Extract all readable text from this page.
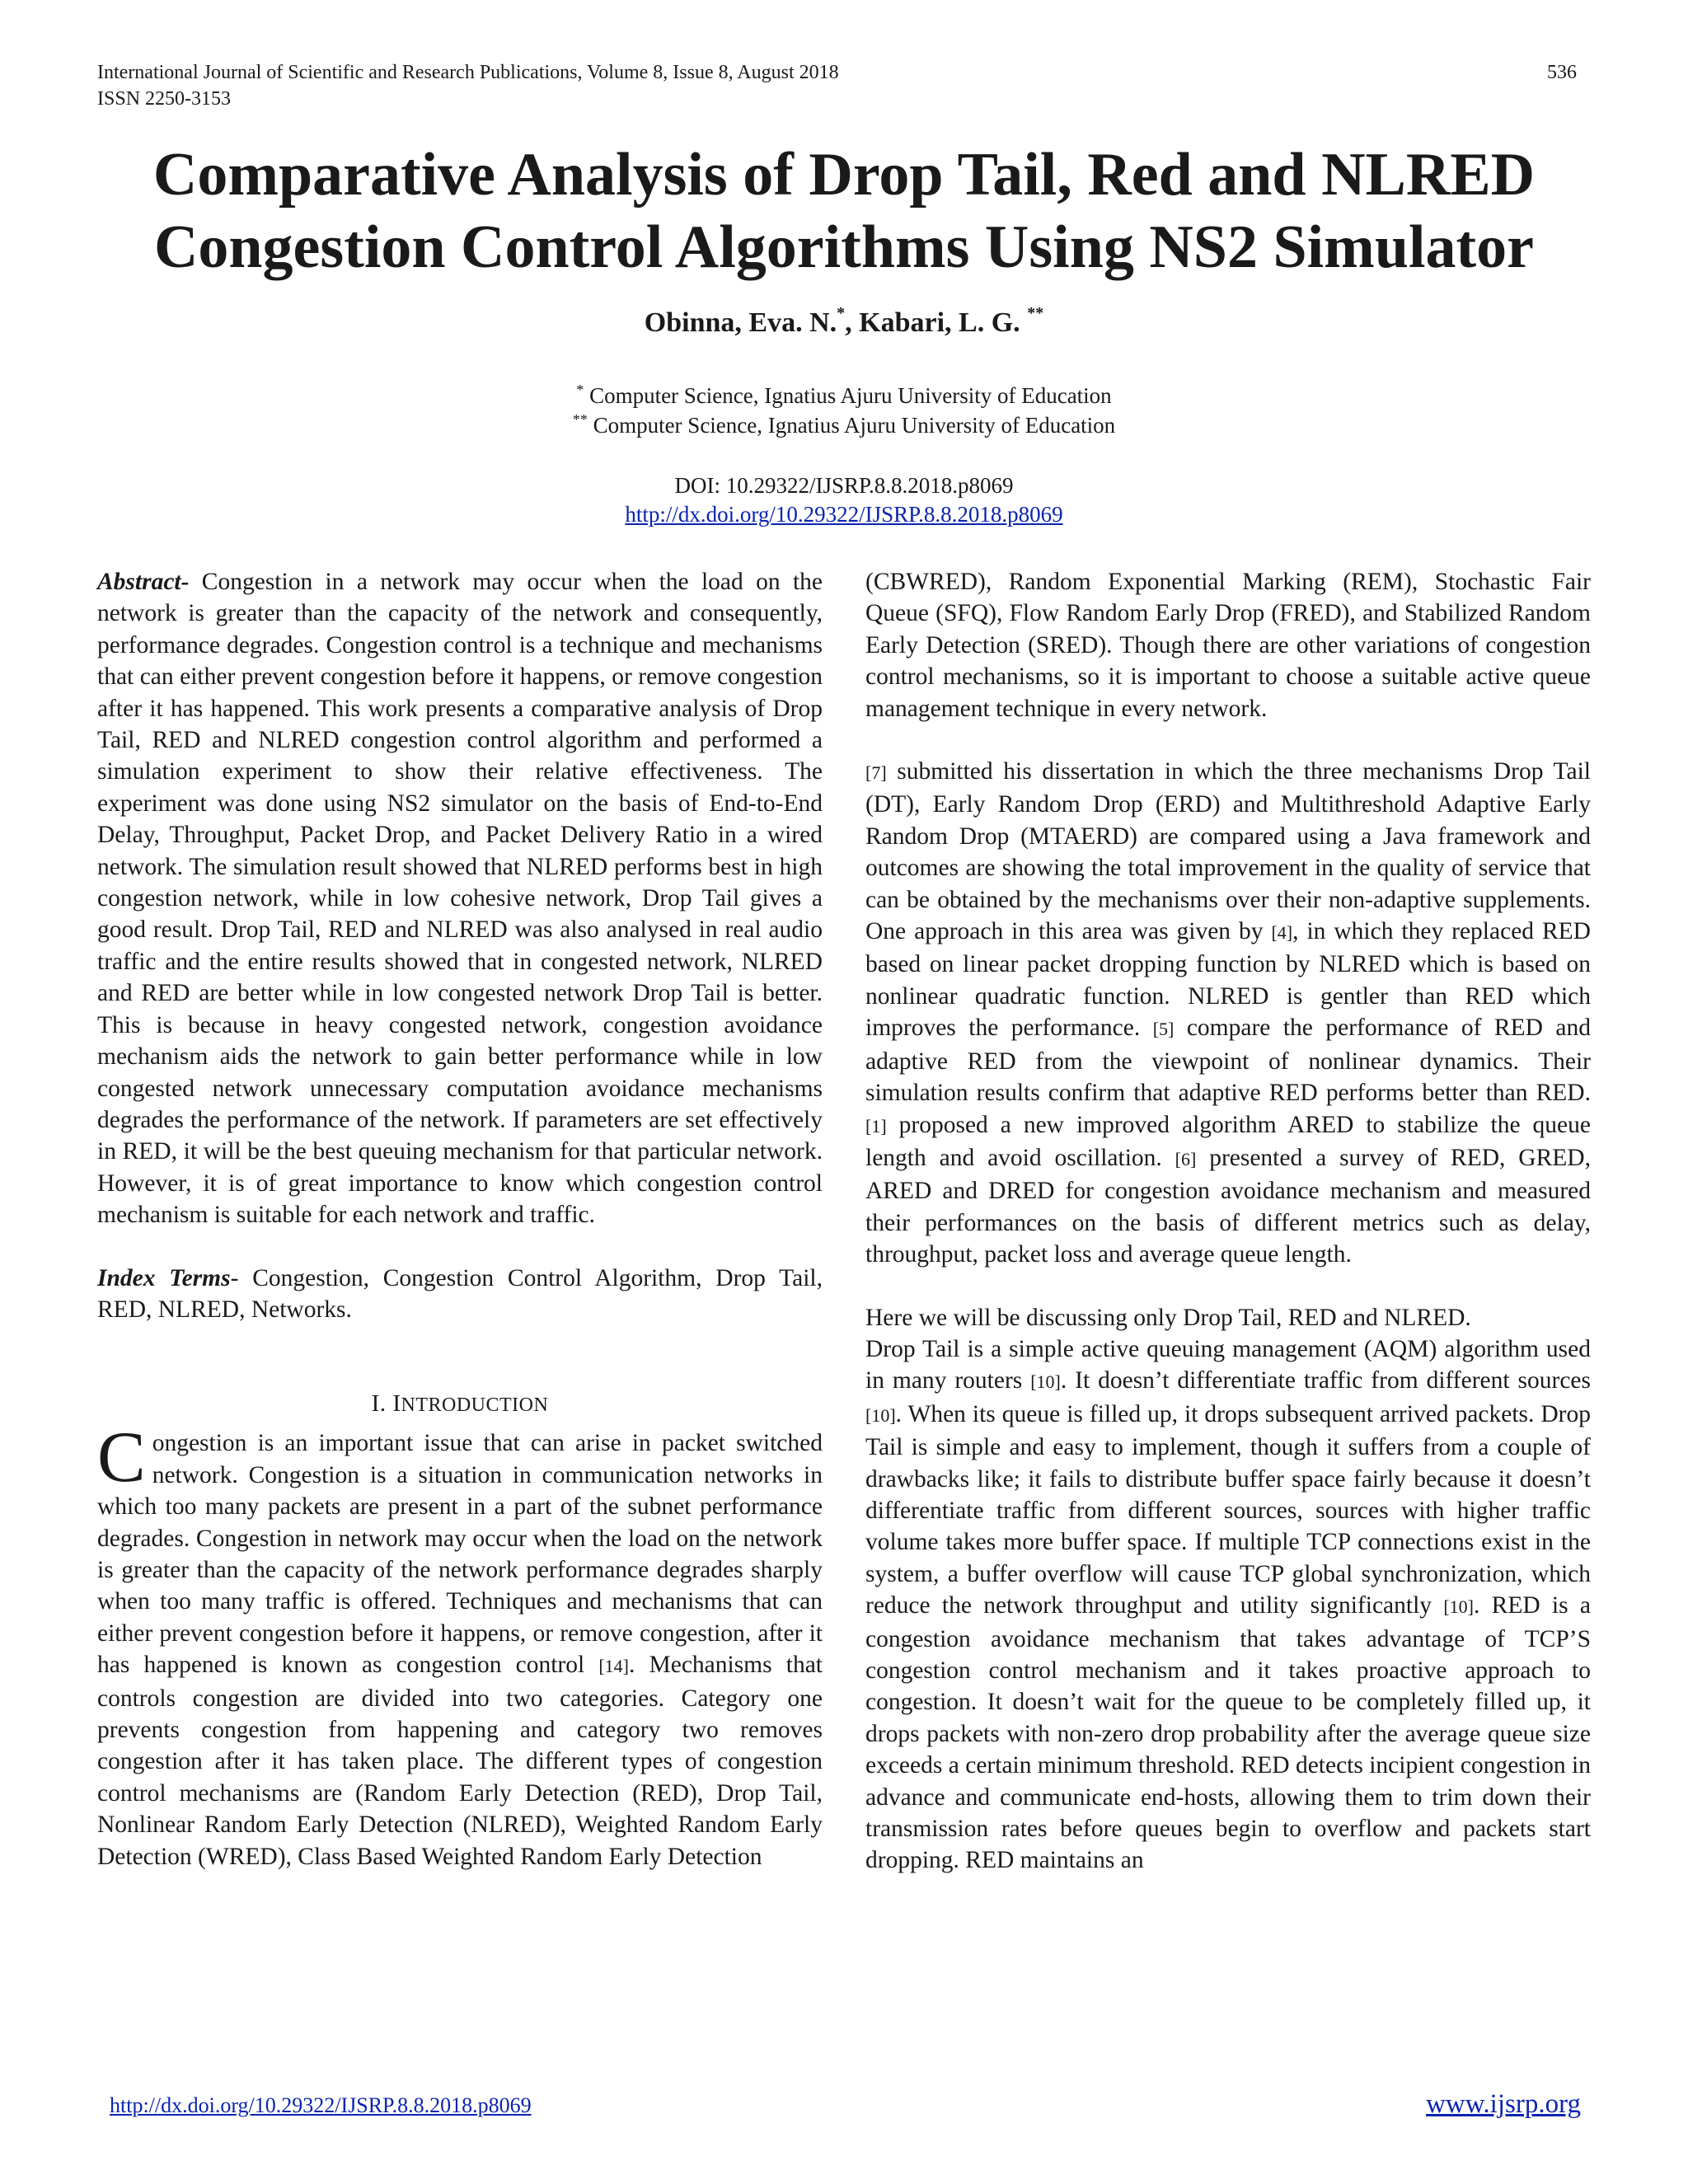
International Journal of Scientific and Research Publications, Volume 8, Issue 8, August 2018
ISSN 2250-3153
536
Comparative Analysis of Drop Tail, Red and NLRED
Congestion Control Algorithms Using NS2 Simulator
Obinna, Eva. N.*, Kabari, L. G. **
* Computer Science, Ignatius Ajuru University of Education
** Computer Science, Ignatius Ajuru University of Education
DOI: 10.29322/IJSRP.8.8.2018.p8069
http://dx.doi.org/10.29322/IJSRP.8.8.2018.p8069

Abstract- Congestion in a network may occur when the load on the network is greater than the capacity of the network and consequently, performance degrades. Congestion control is a technique and mechanisms that can either prevent congestion before it happens, or remove congestion after it has happened. This work presents a comparative analysis of Drop Tail, RED and NLRED congestion control algorithm and performed a simulation experiment to show their relative effectiveness. The experiment was done using NS2 simulator on the basis of End-to-End Delay, Throughput, Packet Drop, and Packet Delivery Ratio in a wired network. The simulation result showed that NLRED performs best in high congestion network, while in low cohesive network, Drop Tail gives a good result. Drop Tail, RED and NLRED was also analysed in real audio traffic and the entire results showed that in congested network, NLRED and RED are better while in low congested network Drop Tail is better. This is because in heavy congested network, congestion avoidance mechanism aids the network to gain better performance while in low congested network unnecessary computation avoidance mechanisms degrades the performance of the network. If parameters are set effectively in RED, it will be the best queuing mechanism for that particular network. However, it is of great importance to know which congestion control mechanism is suitable for each network and traffic.

Index Terms- Congestion, Congestion Control Algorithm, Drop Tail, RED, NLRED, Networks.

I. INTRODUCTION

Congestion is an important issue that can arise in packet switched network. Congestion is a situation in communication networks in which too many packets are present in a part of the subnet performance degrades. Congestion in network may occur when the load on the network is greater than the capacity of the network performance degrades sharply when too many traffic is offered. Techniques and mechanisms that can either prevent congestion before it happens, or remove congestion, after it has happened is known as congestion control [14]. Mechanisms that controls congestion are divided into two categories. Category one prevents congestion from happening and category two removes congestion after it has taken place. The different types of congestion control mechanisms are (Random Early Detection (RED), Drop Tail, Nonlinear Random Early Detection (NLRED), Weighted Random Early Detection (WRED), Class Based Weighted Random Early Detection

(CBWRED), Random Exponential Marking (REM), Stochastic Fair Queue (SFQ), Flow Random Early Drop (FRED), and Stabilized Random Early Detection (SRED). Though there are other variations of congestion control mechanisms, so it is important to choose a suitable active queue management technique in every network.

[7] submitted his dissertation in which the three mechanisms Drop Tail (DT), Early Random Drop (ERD) and Multithreshold Adaptive Early Random Drop (MTAERD) are compared using a Java framework and outcomes are showing the total improvement in the quality of service that can be obtained by the mechanisms over their non-adaptive supplements. One approach in this area was given by [4], in which they replaced RED based on linear packet dropping function by NLRED which is based on nonlinear quadratic function. NLRED is gentler than RED which improves the performance. [5] compare the performance of RED and adaptive RED from the viewpoint of nonlinear dynamics. Their simulation results confirm that adaptive RED performs better than RED. [1] proposed a new improved algorithm ARED to stabilize the queue length and avoid oscillation. [6] presented a survey of RED, GRED, ARED and DRED for congestion avoidance mechanism and measured their performances on the basis of different metrics such as delay, throughput, packet loss and average queue length.

Here we will be discussing only Drop Tail, RED and NLRED.

Drop Tail is a simple active queuing management (AQM) algorithm used in many routers [10]. It doesn’t differentiate traffic from different sources [10]. When its queue is filled up, it drops subsequent arrived packets. Drop Tail is simple and easy to implement, though it suffers from a couple of drawbacks like; it fails to distribute buffer space fairly because it doesn’t differentiate traffic from different sources, sources with higher traffic volume takes more buffer space. If multiple TCP connections exist in the system, a buffer overflow will cause TCP global synchronization, which reduce the network throughput and utility significantly [10]. RED is a congestion avoidance mechanism that takes advantage of TCP’S congestion control mechanism and it takes proactive approach to congestion. It doesn’t wait for the queue to be completely filled up, it drops packets with non-zero drop probability after the average queue size exceeds a certain minimum threshold. RED detects incipient congestion in advance and communicate end-hosts, allowing them to trim down their transmission rates before queues begin to overflow and packets start dropping. RED maintains an

http://dx.doi.org/10.29322/IJSRP.8.8.2018.p8069	www.ijsrp.org
